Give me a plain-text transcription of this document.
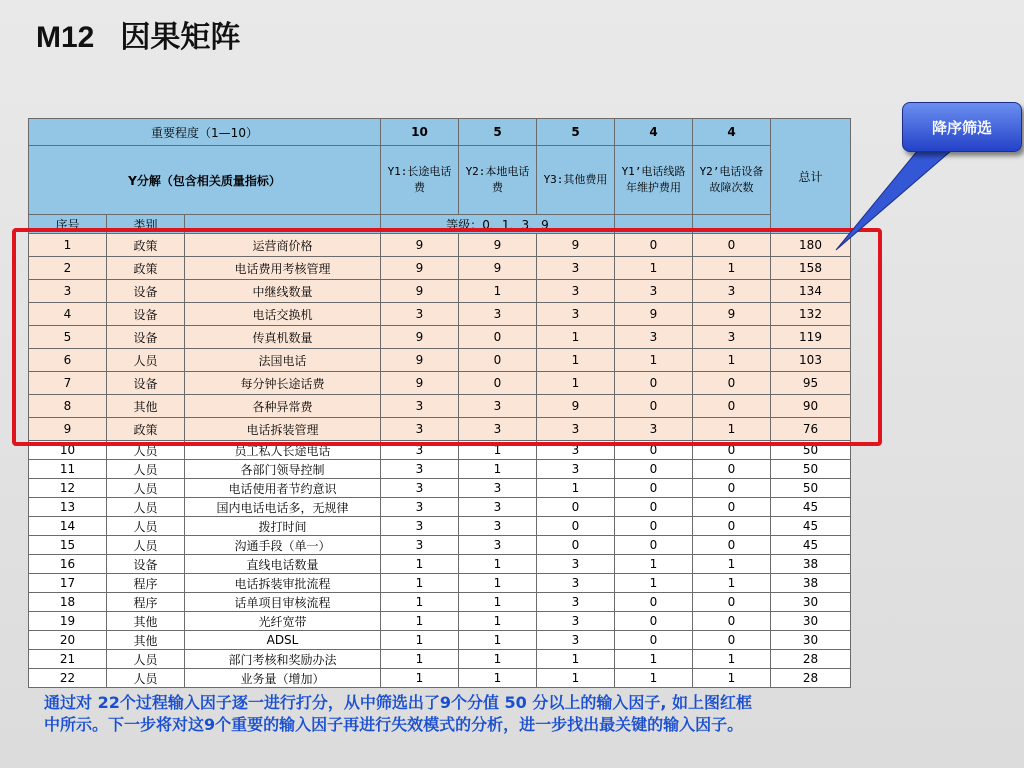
M12 因果矩阵
重要程度（1—10）			10	5	5	4	4	总计
Y分解（包含相关质量指标）			Y1:长途电话费	Y2:本地电话费	Y3:其他费用	Y1’电话线路年维护费用	Y2’电话设备故障次数	
序号	类别		等级：0，1，3，9					
1	政策	运营商价格	9	9	9	0	0	180
2	政策	电话费用考核管理	9	9	3	1	1	158
3	设备	中继线数量	9	1	3	3	3	134
4	设备	电话交换机	3	3	3	9	9	132
5	设备	传真机数量	9	0	1	3	3	119
6	人员	法国电话	9	0	1	1	1	103
7	设备	每分钟长途话费	9	0	1	0	0	95
8	其他	各种异常费	3	3	9	0	0	90
9	政策	电话拆装管理	3	3	3	3	1	76
10	人员	员工私人长途电话	3	1	3	0	0	50
11	人员	各部门领导控制	3	1	3	0	0	50
12	人员	电话使用者节约意识	3	3	1	0	0	50
13	人员	国内电话电话多，无规律	3	3	0	0	0	45
14	人员	拨打时间	3	3	0	0	0	45
15	人员	沟通手段（单一）	3	3	0	0	0	45
16	设备	直线电话数量	1	1	3	1	1	38
17	程序	电话拆装审批流程	1	1	3	1	1	38
18	程序	话单项目审核流程	1	1	3	0	0	30
19	其他	光纤宽带	1	1	3	0	0	30
20	其他	ADSL	1	1	3	0	0	30
21	人员	部门考核和奖励办法	1	1	1	1	1	28
22	人员	业务量（增加）	1	1	1	1	1	28
降序筛选
通过对 22个过程输入因子逐一进行打分，从中筛选出了9个分值 50 分以上的输入因子, 如上图红框
中所示。下一步将对这9个重要的输入因子再进行失效模式的分析，进一步找出最关键的输入因子。
